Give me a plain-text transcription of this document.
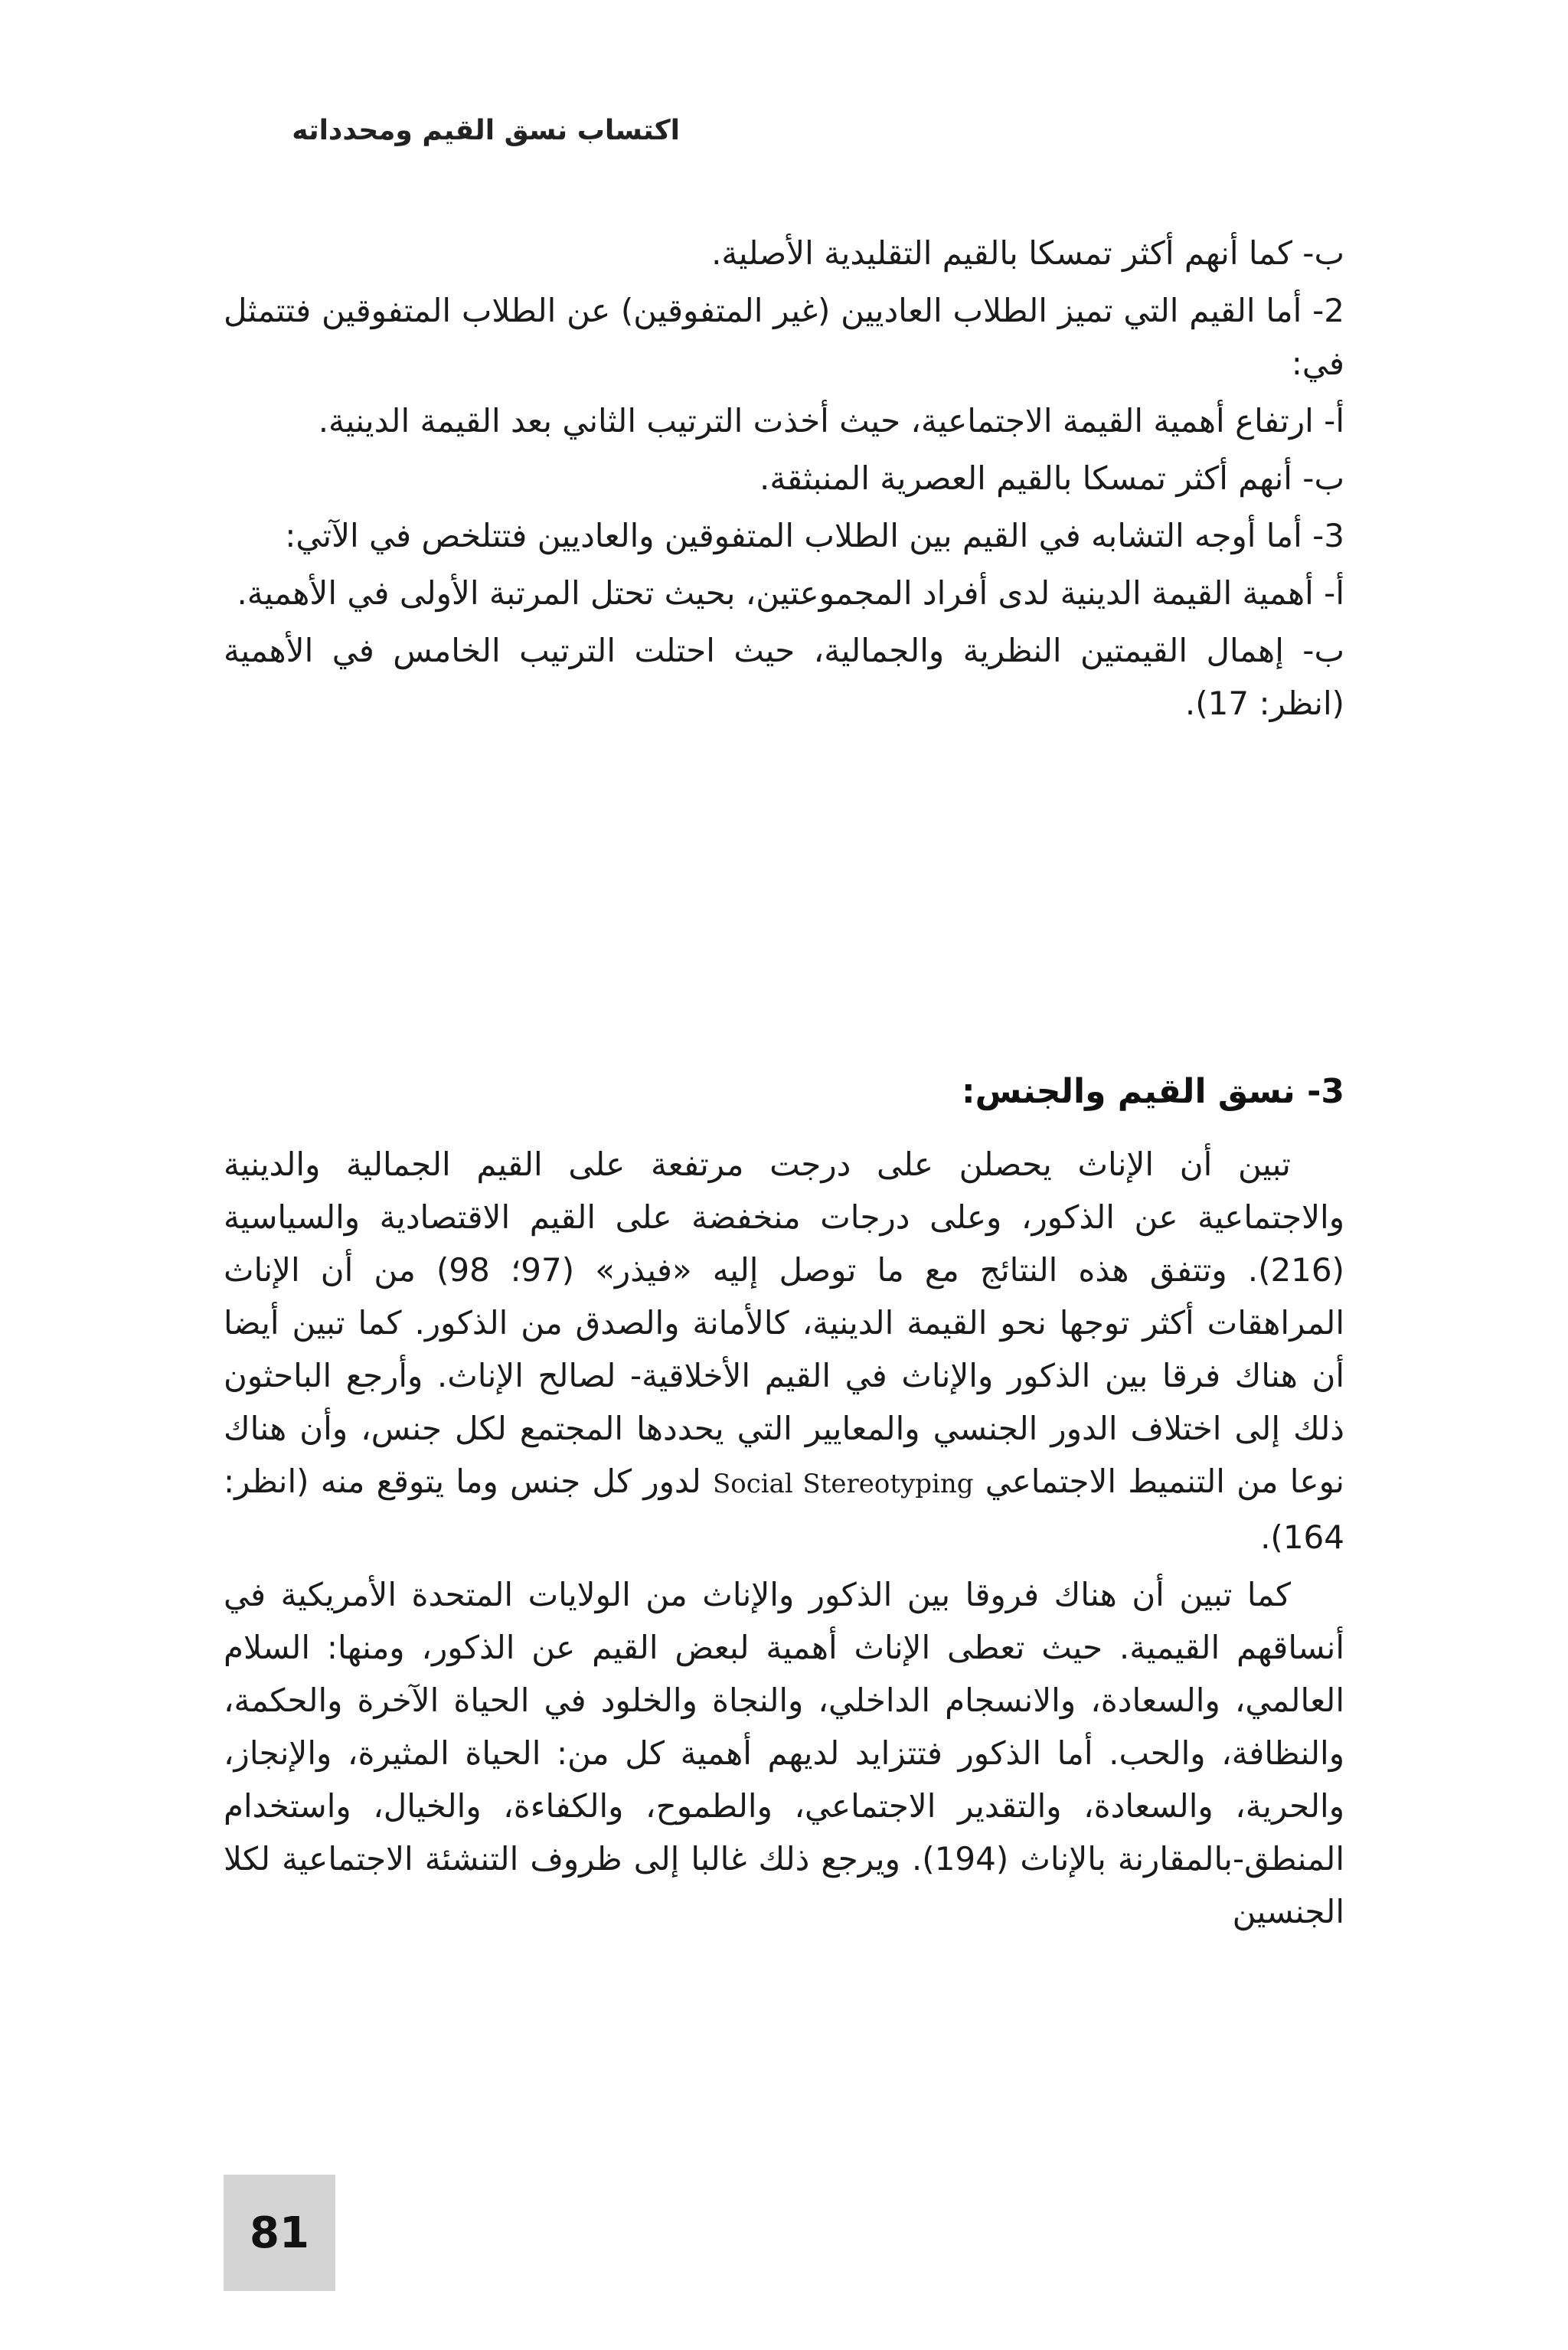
اكتساب نسق القيم ومحدداته

ب- كما أنهم أكثر تمسكا بالقيم التقليدية الأصلية.

2- أما القيم التي تميز الطلاب العاديين (غير المتفوقين) عن الطلاب المتفوقين فتتمثل في:

أ- ارتفاع أهمية القيمة الاجتماعية، حيث أخذت الترتيب الثاني بعد القيمة الدينية.

ب- أنهم أكثر تمسكا بالقيم العصرية المنبثقة.

3- أما أوجه التشابه في القيم بين الطلاب المتفوقين والعاديين فتتلخص في الآتي:

أ- أهمية القيمة الدينية لدى أفراد المجموعتين، بحيث تحتل المرتبة الأولى في الأهمية.

ب- إهمال القيمتين النظرية والجمالية، حيث احتلت الترتيب الخامس في الأهمية (انظر: 17).

3- نسق القيم والجنس:

تبين أن الإناث يحصلن على درجت مرتفعة على القيم الجمالية والدينية والاجتماعية عن الذكور، وعلى درجات منخفضة على القيم الاقتصادية والسياسية (216). وتتفق هذه النتائج مع ما توصل إليه «فيذر» (97؛ 98) من أن الإناث المراهقات أكثر توجها نحو القيمة الدينية، كالأمانة والصدق من الذكور. كما تبين أيضا أن هناك فرقا بين الذكور والإناث في القيم الأخلاقية- لصالح الإناث. وأرجع الباحثون ذلك إلى اختلاف الدور الجنسي والمعايير التي يحددها المجتمع لكل جنس، وأن هناك نوعا من التنميط الاجتماعي Social Stereotyping لدور كل جنس وما يتوقع منه (انظر: 164).

كما تبين أن هناك فروقا بين الذكور والإناث من الولايات المتحدة الأمريكية في أنساقهم القيمية. حيث تعطى الإناث أهمية لبعض القيم عن الذكور، ومنها: السلام العالمي، والسعادة، والانسجام الداخلي، والنجاة والخلود في الحياة الآخرة والحكمة، والنظافة، والحب. أما الذكور فتتزايد لديهم أهمية كل من: الحياة المثيرة، والإنجاز، والحرية، والسعادة، والتقدير الاجتماعي، والطموح، والكفاءة، والخيال، واستخدام المنطق-بالمقارنة بالإناث (194). ويرجع ذلك غالبا إلى ظروف التنشئة الاجتماعية لكلا الجنسين

81
